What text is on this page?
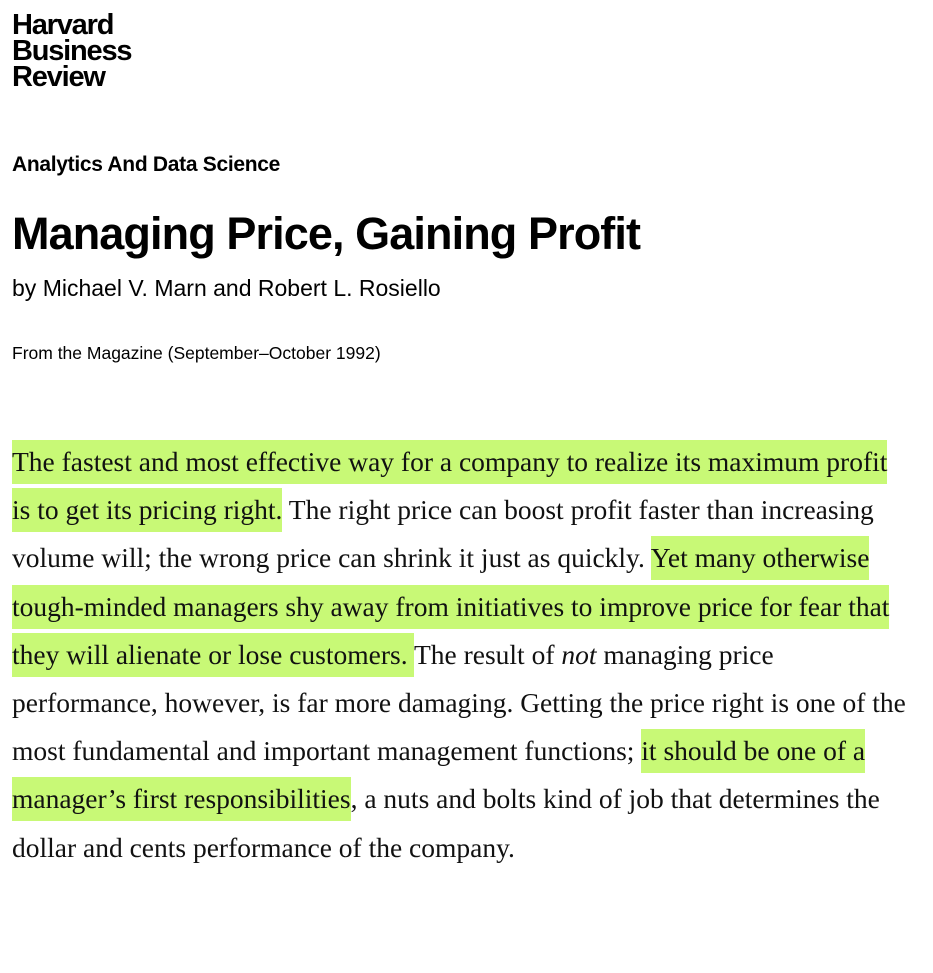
Harvard
Business
Review
Analytics And Data Science
Managing Price, Gaining Profit
by Michael V. Marn and Robert L. Rosiello
From the Magazine (September–October 1992)

The fastest and most effective way for a company to realize its maximum profit is to get its pricing right. The right price can boost profit faster than increasing volume will; the wrong price can shrink it just as quickly. Yet many otherwise tough-minded managers shy away from initiatives to improve price for fear that they will alienate or lose customers. The result of not managing price performance, however, is far more damaging. Getting the price right is one of the most fundamental and important management functions; it should be one of a manager’s first responsibilities, a nuts and bolts kind of job that determines the dollar and cents performance of the company.
